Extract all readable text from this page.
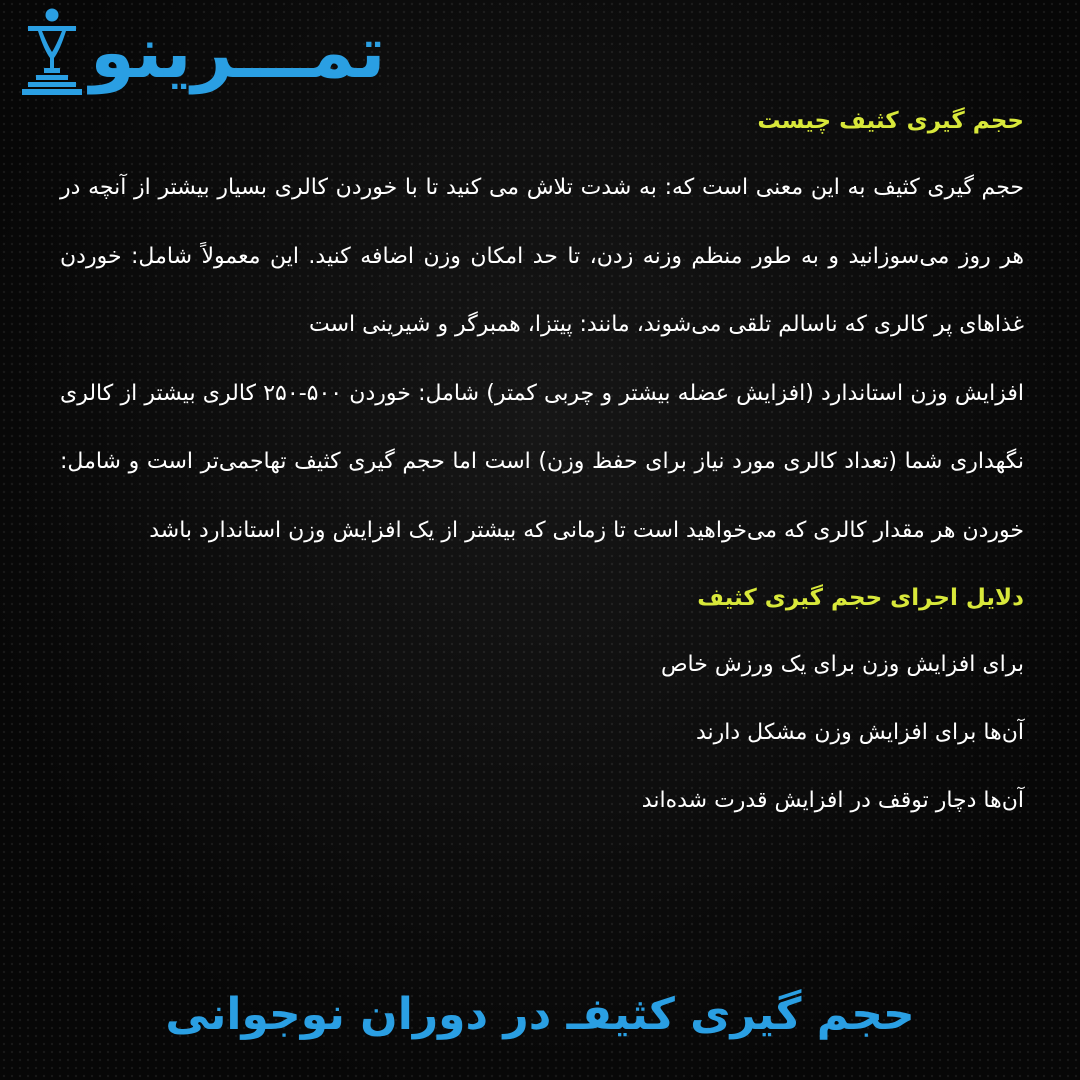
تمـــرینو
حجم گیری کثیف چیست

حجم گیری کثیف به این معنی است که: به شدت تلاش می کنید تا با خوردن کالری بسیار بیشتر از آنچه در هر روز می‌سوزانید و به طور منظم وزنه زدن، تا حد امکان وزن اضافه کنید. این معمولاً شامل: خوردن غذاهای پر کالری که ناسالم تلقی می‌شوند، مانند: پیتزا، همبرگر و شیرینی است

افزایش وزن استاندارد (افزایش عضله بیشتر و چربی کمتر) شامل: خوردن ۵۰۰-۲۵۰ کالری بیشتر از کالری نگهداری شما (تعداد کالری مورد نیاز برای حفظ وزن) است اما حجم گیری کثیف تهاجمی‌تر است و شامل: خوردن هر مقدار کالری که می‌خواهید است تا زمانی که بیشتر از یک افزایش وزن استاندارد باشد

دلایل اجرای حجم گیری کثیف

برای افزایش وزن برای یک ورزش خاص

آن‌ها برای افزایش وزن مشکل دارند

آن‌ها دچار توقف در افزایش قدرت شده‌اند

حجم گیری کثیفـ در دوران نوجوانی
